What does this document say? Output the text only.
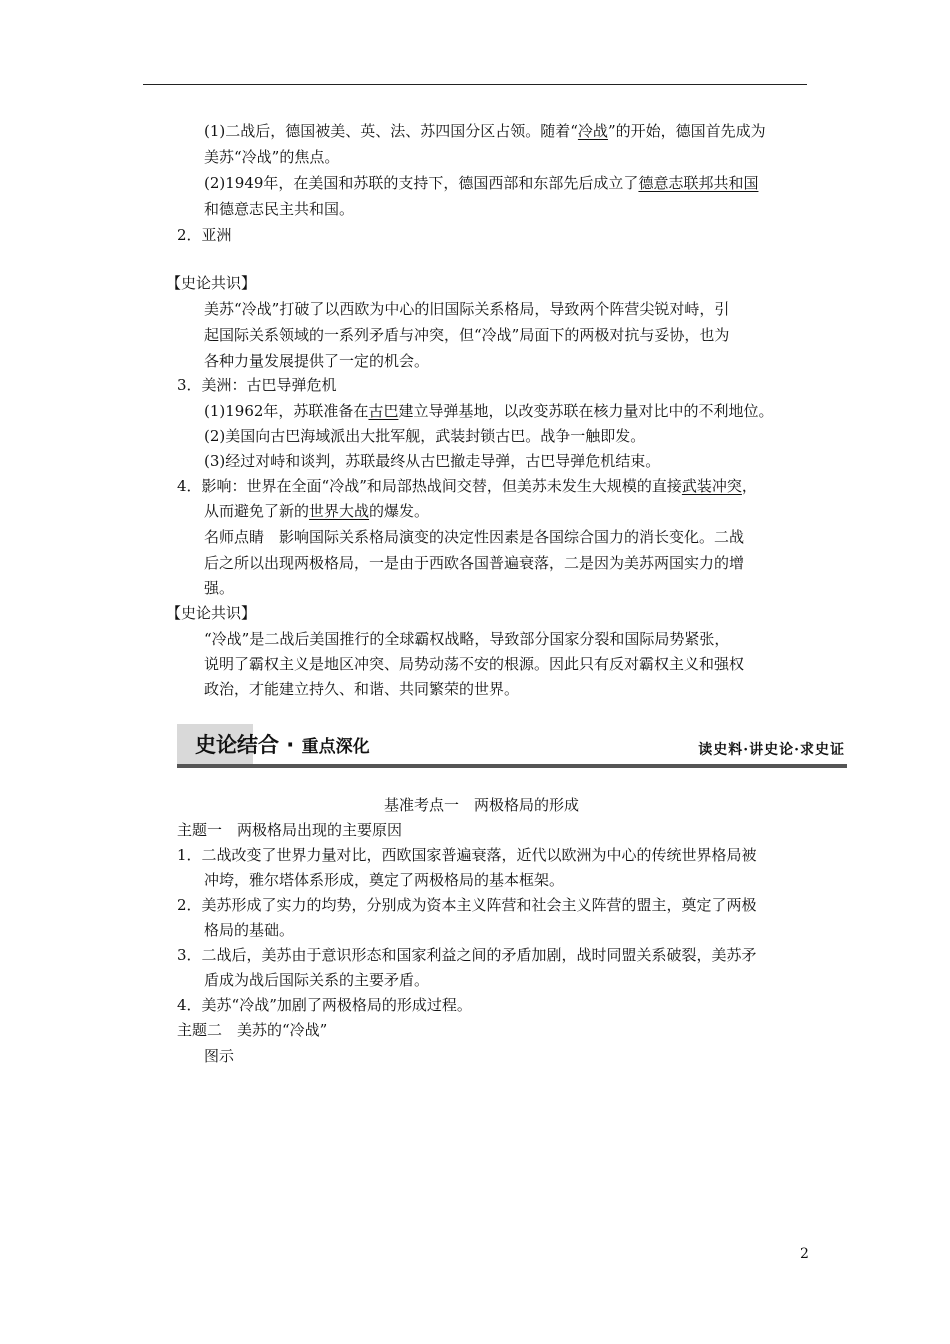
(1)二战后，德国被美、英、法、苏四国分区占领。随着“冷战”的开始，德国首先成为
美苏“冷战”的焦点。
(2)1949年，在美国和苏联的支持下，德国西部和东部先后成立了德意志联邦共和国
和德意志民主共和国。
2．亚洲
【史论共识】
美苏“冷战”打破了以西欧为中心的旧国际关系格局，导致两个阵营尖锐对峙，引
起国际关系领域的一系列矛盾与冲突，但“冷战”局面下的两极对抗与妥协，也为
各种力量发展提供了一定的机会。
3．美洲：古巴导弹危机
(1)1962年，苏联准备在古巴建立导弹基地，以改变苏联在核力量对比中的不利地位。
(2)美国向古巴海域派出大批军舰，武装封锁古巴。战争一触即发。
(3)经过对峙和谈判，苏联最终从古巴撤走导弹，古巴导弹危机结束。
4．影响：世界在全面“冷战”和局部热战间交替，但美苏未发生大规模的直接武装冲突，
从而避免了新的世界大战的爆发。
名师点睛　影响国际关系格局演变的决定性因素是各国综合国力的消长变化。二战
后之所以出现两极格局，一是由于西欧各国普遍衰落，二是因为美苏两国实力的增
强。
【史论共识】
“冷战”是二战后美国推行的全球霸权战略，导致部分国家分裂和国际局势紧张，
说明了霸权主义是地区冲突、局势动荡不安的根源。因此只有反对霸权主义和强权
政治，才能建立持久、和谐、共同繁荣的世界。
史论结合 · 重点深化	读史料·讲史论·求史证
基准考点一　两极格局的形成
主题一　两极格局出现的主要原因
1．二战改变了世界力量对比，西欧国家普遍衰落，近代以欧洲为中心的传统世界格局被
冲垮，雅尔塔体系形成，奠定了两极格局的基本框架。
2．美苏形成了实力的均势，分别成为资本主义阵营和社会主义阵营的盟主，奠定了两极
格局的基础。
3．二战后，美苏由于意识形态和国家利益之间的矛盾加剧，战时同盟关系破裂，美苏矛
盾成为战后国际关系的主要矛盾。
4．美苏“冷战”加剧了两极格局的形成过程。
主题二　美苏的“冷战”
图示
2
